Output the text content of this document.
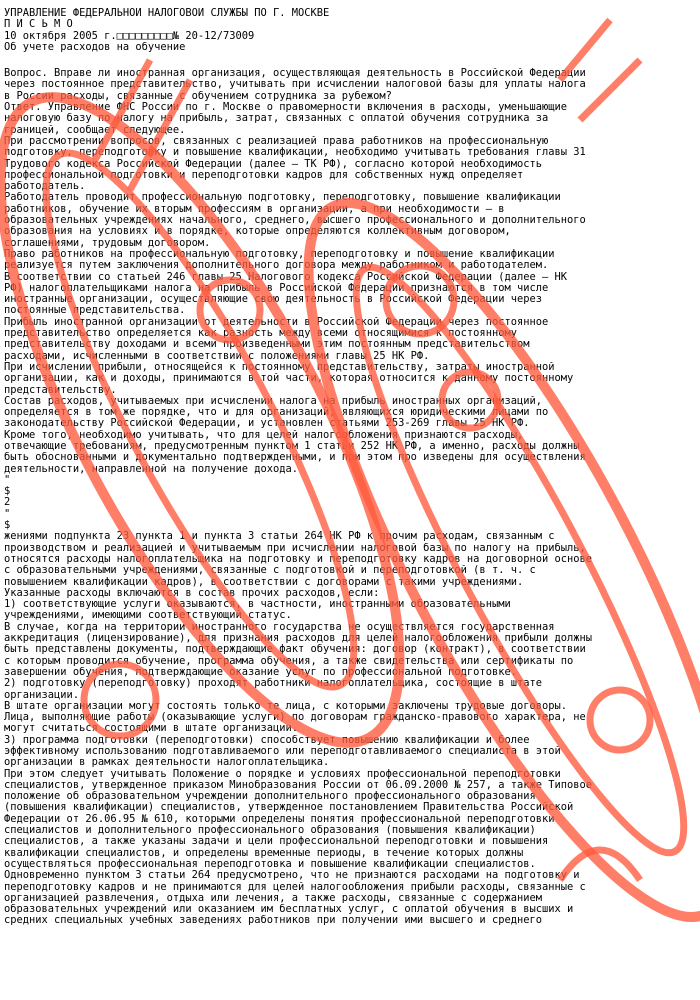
УПРАВЛЕНИЕ ФЕДЕРАЛЬНОЙ НАЛОГОВОЙ СЛУЖБЫ ПО Г. МОСКВЕ
П И С Ь М О
10 октября 2005 г.□□□□□□□□□№ 20-12/73009
Об учете расходов на обучение
Вопрос. Вправе ли иностранная организация, осуществляющая деятельность в Российской Федерации
через постоянное представительство, учитывать при исчислении налоговой базы для уплаты налога
в России расходы, связанные с обучением сотрудника за рубежом?
Ответ. Управление ФНС России по г. Москве о правомерности включения в расходы, уменьшающие
налоговую базу по налогу на прибыль, затрат, связанных с оплатой обучения сотрудника за
границей, сообщает следующее.
При рассмотрении вопросов, связанных с реализацией права работников на профессиональную
подготовку, переподготовку и повышение квалификации, необходимо учитывать требования главы 31
Трудового кодекса Российской Федерации (далее – ТК РФ), согласно которой необходимость
профессиональной подготовки и переподготовки кадров для собственных нужд определяет
работодатель.
Работодатель проводит профессиональную подготовку, переподготовку, повышение квалификации
работников, обучение их вторым профессиям в организации, а при необходимости – в
образовательных учреждениях начального, среднего, высшего профессионального и дополнительного
образования на условиях и в порядке, которые определяются коллективным договором,
соглашениями, трудовым договором.
Право работников на профессиональную подготовку, переподготовку и повышение квалификации
реализуется путем заключения дополнительного договора между работником и работодателем.
В соответствии со статьей 246 главы 25 Налогового кодекса Российской Федерации (далее – НК
РФ) налогоплательщиками налога на прибыль в Российской Федерации признаются в том числе
иностранные организации, осуществляющие свою деятельность в Российской Федерации через
постоянные представительства.
Прибыль иностранной организации от деятельности в Российской Федерации через постоянное
представительство определяется как разность между всеми относящимися к постоянному
представительству доходами и всеми произведенными этим постоянным представительством
расходами, исчисленными в соответствии с положениями главы 25 НК РФ.
При исчислении прибыли, относящейся к постоянному представительству, затраты иностранной
организации, как и доходы, принимаются в той части, которая относится к данному постоянному
представительству.
Состав расходов, учитываемых при исчислении налога на прибыль иностранных организаций,
определяется в том же порядке, что и для организаций, являющихся юридическими лицами по
законодательству Российской Федерации, и установлен статьями 253-269 главы 25 НК РФ.
Кроме того, необходимо учитывать, что для целей налогообложения признаются расходы,
отвечающие требованиям, предусмотренным пунктом 1 статьи 252 НК РФ, а именно, расходы должны
быть обоснованными и документально подтвержденными, и при этом про изведены для осуществления
деятельности, направленной на получение дохода.
"
$
2
"
$
жениями подпункта 23 пункта 1 и пункта 3 статьи 264 НК РФ к прочим расходам, связанным с
производством и реализацией и учитываемым при исчислении налоговой базы по налогу на прибыль,
относятся расходы налогоплательщика на подготовку и переподготовку кадров на договорной основе
с образовательными учреждениями, связанные с подготовкой и переподготовкой (в т. ч. с
повышением квалификации кадров), в соответствии с договорами с такими учреждениями.
Указанные расходы включаются в состав прочих расходов, если:
1) соответствующие услуги оказываются, в частности, иностранными образовательными
учреждениями, имеющими соответствующий статус.
В случае, когда на территории иностранного государства не осуществляется государственная
аккредитация (лицензирование), для признания расходов для целей налогообложения прибыли должны
быть представлены документы, подтверждающие факт обучения: договор (контракт), в соответствии
с которым проводится обучение, программа обучения, а также свидетельства или сертификаты по
завершении обучения, подтверждающие оказание услуг по профессиональной подготовке.
2) подготовку (переподготовку) проходят работники налогоплательщика, состоящие в штате
организации.
В штате организации могут состоять только те лица, с которыми заключены трудовые договоры.
Лица, выполняющие работы (оказывающие услуги) по договорам гражданско-правового характера, не
могут считаться состоящими в штате организации.
3) программа подготовки (переподготовки) способствует повышению квалификации и более
эффективному использованию подготавливаемого или переподготавливаемого специалиста в этой
организации в рамках деятельности налогоплательщика.
При этом следует учитывать Положение о порядке и условиях профессиональной переподготовки
специалистов, утвержденное приказом Минобразования России от 06.09.2000 № 257, а также Типовое
положение об образовательном учреждении дополнительного профессионального образования
(повышения квалификации) специалистов, утвержденное постановлением Правительства Российской
Федерации от 26.06.95 № 610, которыми определены понятия профессиональной переподготовки
специалистов и дополнительного профессионального образования (повышения квалификации)
специалистов, а также указаны задачи и цели профессиональной переподготовки и повышения
квалификации специалистов, и определены временные периоды, в течение которых должны
осуществляться профессиональная переподготовка и повышение квалификации специалистов.
Одновременно пунктом 3 статьи 264 предусмотрено, что не признаются расходами на подготовку и
переподготовку кадров и не принимаются для целей налогообложения прибыли расходы, связанные с
организацией развлечения, отдыха или лечения, а также расходы, связанные с содержанием
образовательных учреждений или оказанием им бесплатных услуг, с оплатой обучения в высших и
средних специальных учебных заведениях работников при получении ими высшего и среднего
